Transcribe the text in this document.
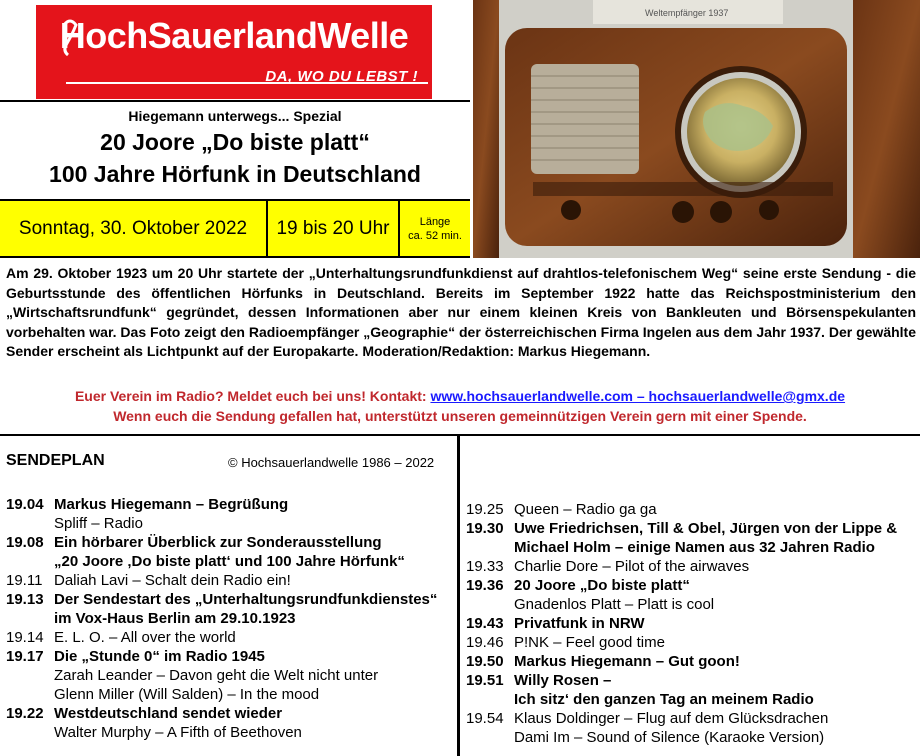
HochSauerlandWelle
DA, WO DU LEBST !
Hiegemann unterwegs... Spezial
20 Joore „Do biste platt“
100 Jahre Hörfunk in Deutschland
Sonntag, 30. Oktober 2022	19 bis 20 Uhr	Länge
ca. 52 min.
Weltempfänger 1937
Am 29. Oktober 1923 um 20 Uhr startete der „Unterhaltungsrundfunkdienst auf drahtlos-telefonischem Weg“ seine erste Sendung - die Geburtsstunde des öffentlichen Hörfunks in Deutschland. Bereits im September 1922 hatte das Reichspostministerium den „Wirtschaftsrundfunk“ gegründet, dessen Informationen aber nur einem kleinen Kreis von Bankleuten und Börsenspekulanten vorbehalten war. Das Foto zeigt den Radioempfänger „Geographie“ der österreichischen Firma Ingelen aus dem Jahr 1937. Der gewählte Sender erscheint als Lichtpunkt auf der Europakarte. Moderation/Redaktion: Markus Hiegemann.
Euer Verein im Radio? Meldet euch bei uns! Kontakt: www.hochsauerlandwelle.com – hochsauerlandwelle@gmx.de
Wenn euch die Sendung gefallen hat, unterstützt unseren gemeinnützigen Verein gern mit einer Spende.
SENDEPLAN	© Hochsauerlandwelle 1986 – 2022
19.04 Markus Hiegemann – Begrüßung
Spliff – Radio
19.08 Ein hörbarer Überblick zur Sonderausstellung
„20 Joore ‚Do biste platt‘ und 100 Jahre Hörfunk“
19.11 Daliah Lavi – Schalt dein Radio ein!
19.13 Der Sendestart des „Unterhaltungsrundfunkdienstes“
im Vox-Haus Berlin am 29.10.1923
19.14 E. L. O. – All over the world
19.17 Die „Stunde 0“ im Radio 1945
Zarah Leander – Davon geht die Welt nicht unter
Glenn Miller (Will Salden) – In the mood
19.22 Westdeutschland sendet wieder
Walter Murphy – A Fifth of Beethoven
19.25 Queen – Radio ga ga
19.30 Uwe Friedrichsen, Till & Obel, Jürgen von der Lippe &
Michael Holm – einige Namen aus 32 Jahren Radio
19.33 Charlie Dore – Pilot of the airwaves
19.36 20 Joore „Do biste platt“
Gnadenlos Platt – Platt is cool
19.43 Privatfunk in NRW
19.46 P!NK – Feel good time
19.50 Markus Hiegemann – Gut goon!
19.51 Willy Rosen –
Ich sitz‘ den ganzen Tag an meinem Radio
19.54 Klaus Doldinger – Flug auf dem Glücksdrachen
Dami Im – Sound of Silence (Karaoke Version)
